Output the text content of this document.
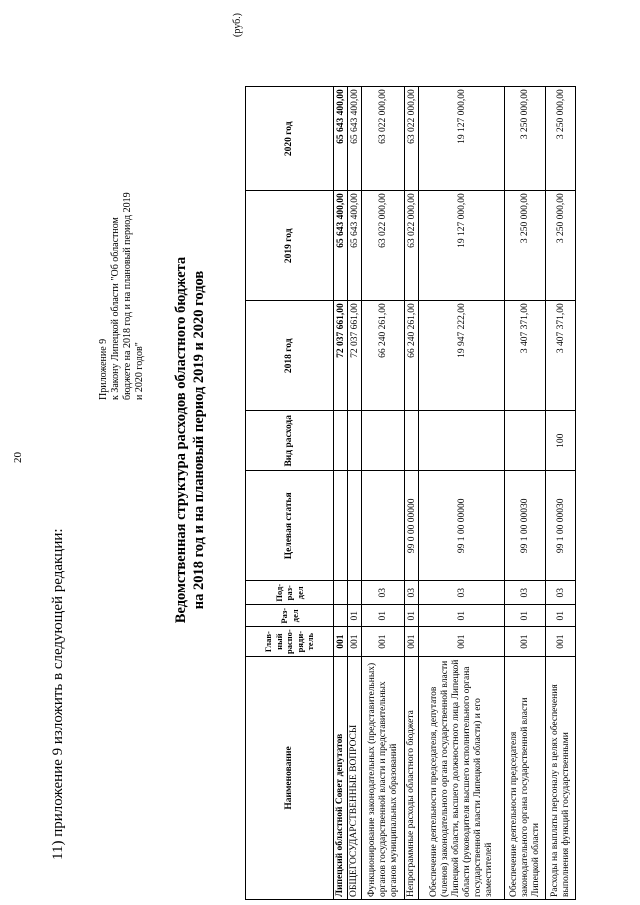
20
11) приложение 9 изложить в следующей редакции:
Приложение 9
к Закону Липецкой области "Об областном
бюджете на 2018 год и на плановый период 2019
и 2020 годов" Ведомственная структура расходов областного бюджета на 2018 год и на плановый период 2019 и 2020 годов
(руб.)
Наименование	Глав-ный распо-ряди-тель	Раз-дел	Под-раз-дел	Целевая статья	Вид расхода	2018 год	2019 год	2020 год
Липецкий областной Совет депутатов	001					72 037 661,00	65 643 400,00	65 643 400,00
ОБЩЕГОСУДАРСТВЕННЫЕ ВОПРОСЫ	001	01				72 037 661,00	65 643 400,00	65 643 400,00
Функционирование законодательных (представительных) органов государственной власти и представительных органов муниципальных образований	001	01	03			66 240 261,00	63 022 000,00	63 022 000,00
Непрограммные расходы областного бюджета	001	01	03	99 0 00 00000		66 240 261,00	63 022 000,00	63 022 000,00
Обеспечение деятельности председателя, депутатов (членов) законодательного органа государственной власти Липецкой области, высшего должностного лица Липецкой области (руководителя высшего исполнительного органа государственной власти Липецкой области) и его заместителей	001	01	03	99 1 00 00000		19 947 222,00	19 127 000,00	19 127 000,00
Обеспечение деятельности председателя законодательного органа государственной власти Липецкой области	001	01	03	99 1 00 00030		3 407 371,00	3 250 000,00	3 250 000,00
Расходы на выплаты персоналу в целях обеспечения выполнения функций государственными	001	01	03	99 1 00 00030	100	3 407 371,00	3 250 000,00	3 250 000,00
